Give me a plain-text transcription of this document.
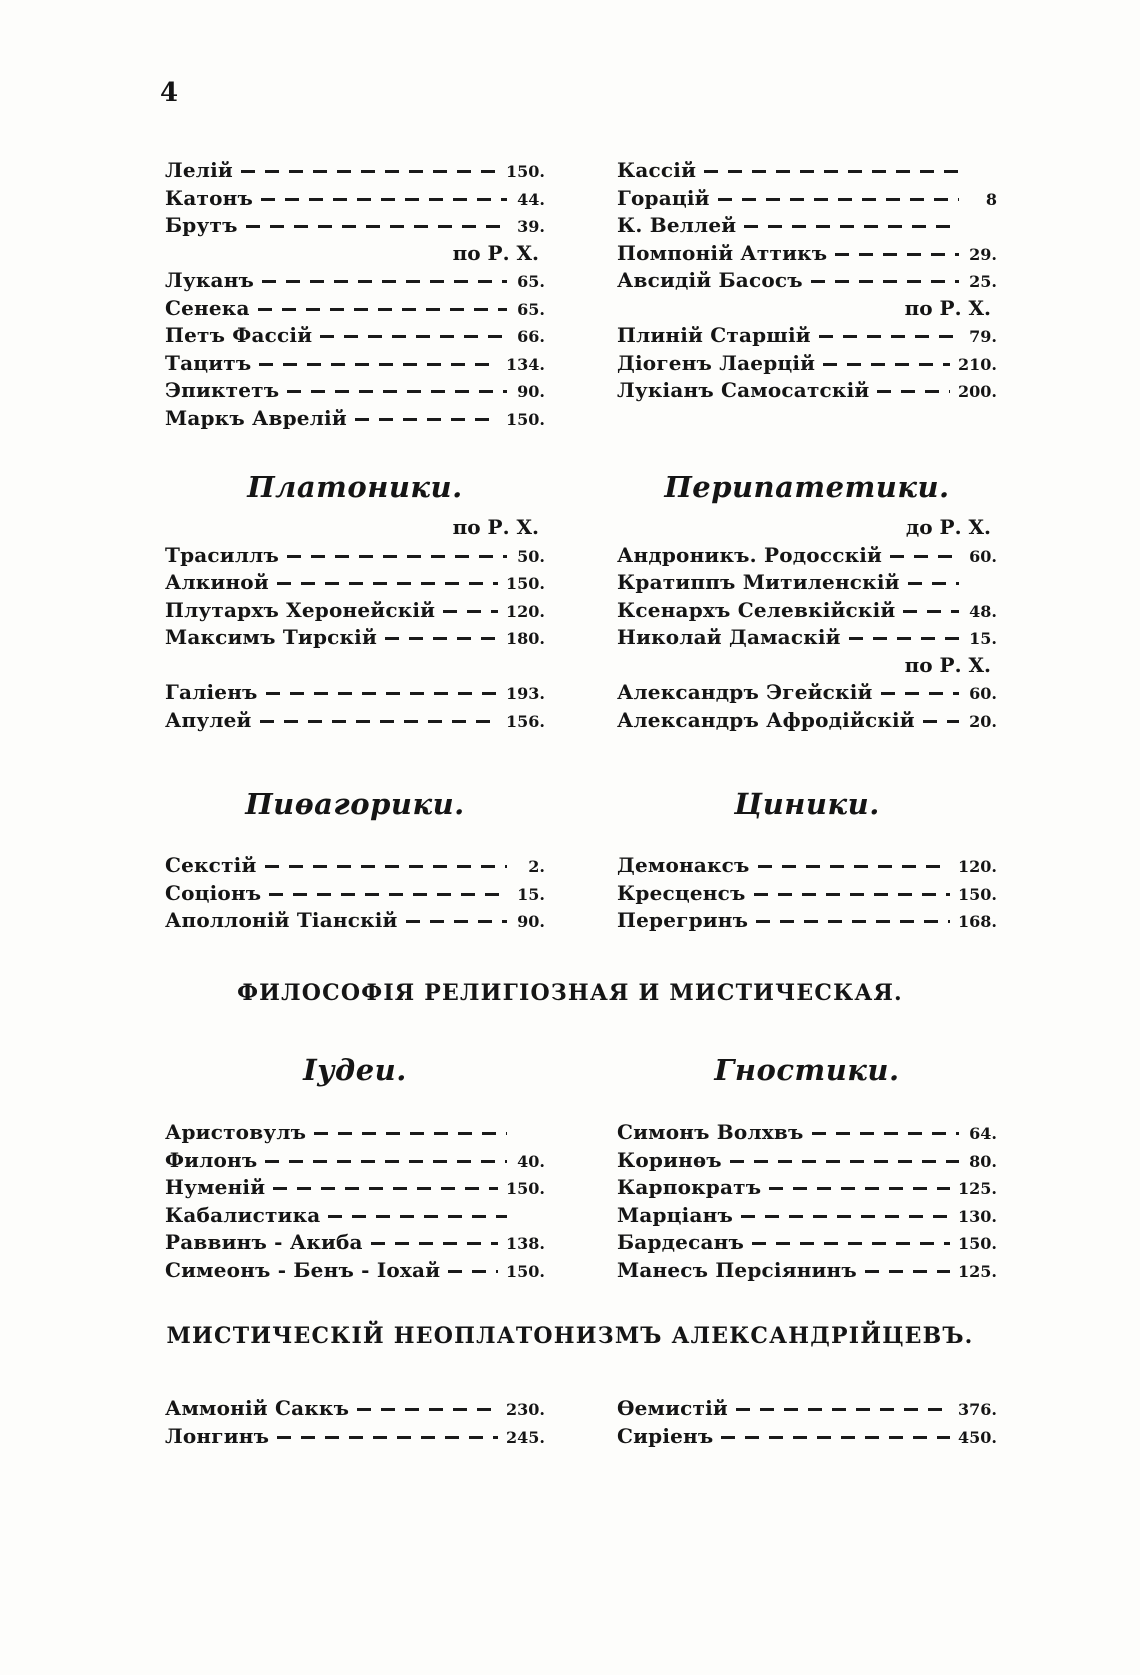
4
Лелій	150.
Катонъ	44.
Брутъ	39.
по Р. Х.
Луканъ	65.
Сенека	65.
Петъ Фассій	66.
Тацитъ	134.
Эпиктетъ	90.
Маркъ Аврелій	150.
Кассій
Горацій	8
К. Веллей
Помпоній Аттикъ	29.
Авсидій Басосъ	25.
по Р. Х.
Плиній Старшій	79.
Діогенъ Лаерцій	210.
Лукіанъ Самосатскій	200.
Платоники.	Перипатетики.
по Р. Х.
Трасиллъ	50.
Алкиной	150.
Плутархъ Херонейскій	120.
Максимъ Тирскій	180.
Галіенъ	193.
Апулей	156.
до Р. Х.
Андроникъ. Родосскій	60.
Кратиппъ Митиленскій
Ксенархъ Селевкійскій	48.
Николай Дамаскій	15.
по Р. Х.
Александръ Эгейскій	60.
Александръ Афродійскій	20.
Пиѳагорики.	Циники.
Секстій	2.
Соціонъ	15.
Аполлоній Тіанскій	90.
Демонаксъ	120.
Кресценсъ	150.
Перегринъ	168.
ФИЛОСОФІЯ РЕЛИГІОЗНАЯ И МИСТИЧЕСКАЯ.
Іудеи.	Гностики.
Аристовулъ
Филонъ	40.
Нуменій	150.
Кабалистика
Раввинъ - Акиба	138.
Симеонъ - Бенъ - Іохай	150.
Симонъ Волхвъ	64.
Коринѳъ	80.
Карпократъ	125.
Марціанъ	130.
Бардесанъ	150.
Манесъ Персіянинъ	125.
МИСТИЧЕСКІЙ НЕОПЛАТОНИЗМЪ АЛЕКСАНДРІЙЦЕВЪ.
Аммоній Саккъ	230.
Лонгинъ	245.
Ѳемистій	376.
Сиріенъ	450.
